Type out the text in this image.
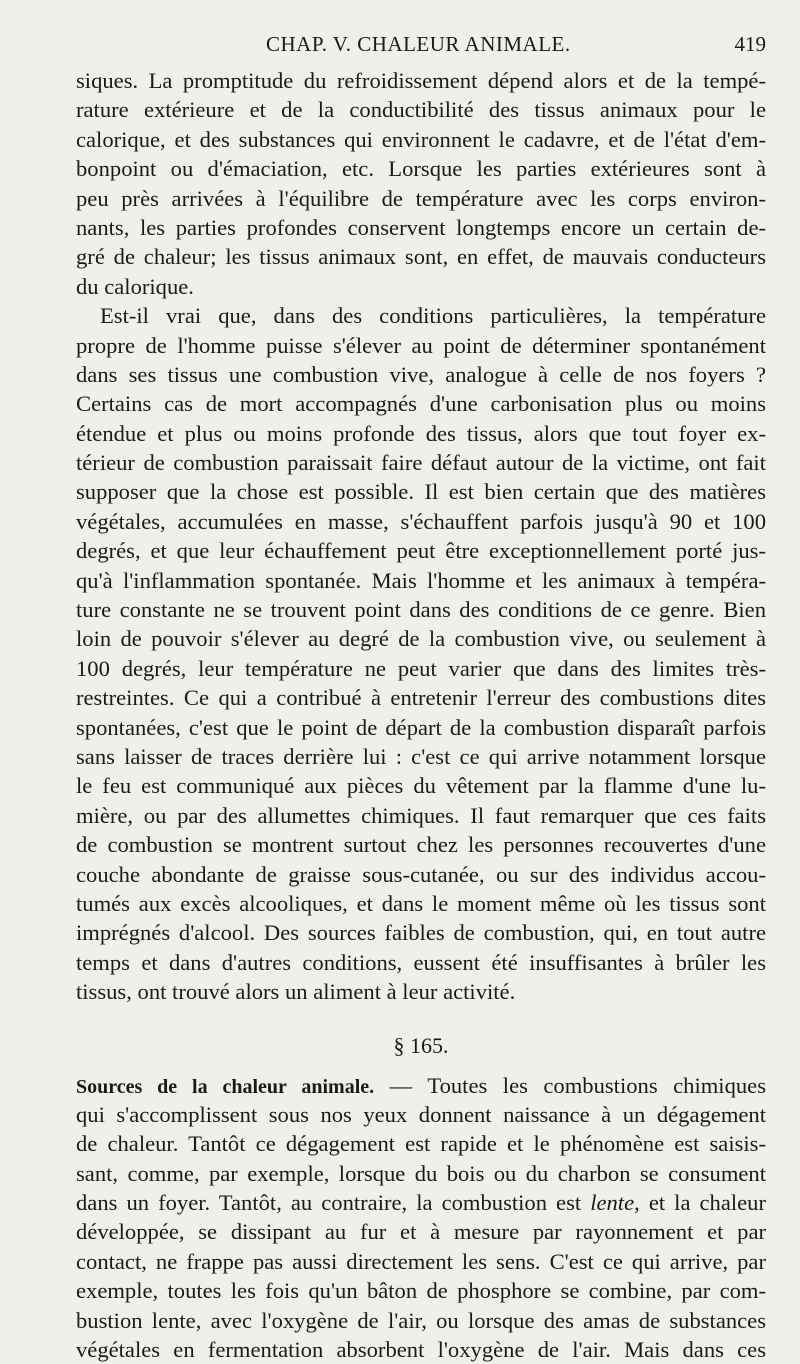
CHAP. V. CHALEUR ANIMALE.	419
siques. La promptitude du refroidissement dépend alors et de la tempé-
rature extérieure et de la conductibilité des tissus animaux pour le
calorique, et des substances qui environnent le cadavre, et de l'état d'em-
bonpoint ou d'émaciation, etc. Lorsque les parties extérieures sont à
peu près arrivées à l'équilibre de température avec les corps environ-
nants, les parties profondes conservent longtemps encore un certain de-
gré de chaleur; les tissus animaux sont, en effet, de mauvais conducteurs
du calorique.
Est-il vrai que, dans des conditions particulières, la température
propre de l'homme puisse s'élever au point de déterminer spontanément
dans ses tissus une combustion vive, analogue à celle de nos foyers ?
Certains cas de mort accompagnés d'une carbonisation plus ou moins
étendue et plus ou moins profonde des tissus, alors que tout foyer ex-
térieur de combustion paraissait faire défaut autour de la victime, ont fait
supposer que la chose est possible. Il est bien certain que des matières
végétales, accumulées en masse, s'échauffent parfois jusqu'à 90 et 100
degrés, et que leur échauffement peut être exceptionnellement porté jus-
qu'à l'inflammation spontanée. Mais l'homme et les animaux à tempéra-
ture constante ne se trouvent point dans des conditions de ce genre. Bien
loin de pouvoir s'élever au degré de la combustion vive, ou seulement à
100 degrés, leur température ne peut varier que dans des limites très-
restreintes. Ce qui a contribué à entretenir l'erreur des combustions dites
spontanées, c'est que le point de départ de la combustion disparaît parfois
sans laisser de traces derrière lui : c'est ce qui arrive notamment lorsque
le feu est communiqué aux pièces du vêtement par la flamme d'une lu-
mière, ou par des allumettes chimiques. Il faut remarquer que ces faits
de combustion se montrent surtout chez les personnes recouvertes d'une
couche abondante de graisse sous-cutanée, ou sur des individus accou-
tumés aux excès alcooliques, et dans le moment même où les tissus sont
imprégnés d'alcool. Des sources faibles de combustion, qui, en tout autre
temps et dans d'autres conditions, eussent été insuffisantes à brûler les
tissus, ont trouvé alors un aliment à leur activité.
§ 165.
Sources de la chaleur animale. — Toutes les combustions chimiques
qui s'accomplissent sous nos yeux donnent naissance à un dégagement
de chaleur. Tantôt ce dégagement est rapide et le phénomène est saisis-
sant, comme, par exemple, lorsque du bois ou du charbon se consument
dans un foyer. Tantôt, au contraire, la combustion est lente, et la chaleur
développée, se dissipant au fur et à mesure par rayonnement et par
contact, ne frappe pas aussi directement les sens. C'est ce qui arrive, par
exemple, toutes les fois qu'un bâton de phosphore se combine, par com-
bustion lente, avec l'oxygène de l'air, ou lorsque des amas de substances
végétales en fermentation absorbent l'oxygène de l'air. Mais dans ces
